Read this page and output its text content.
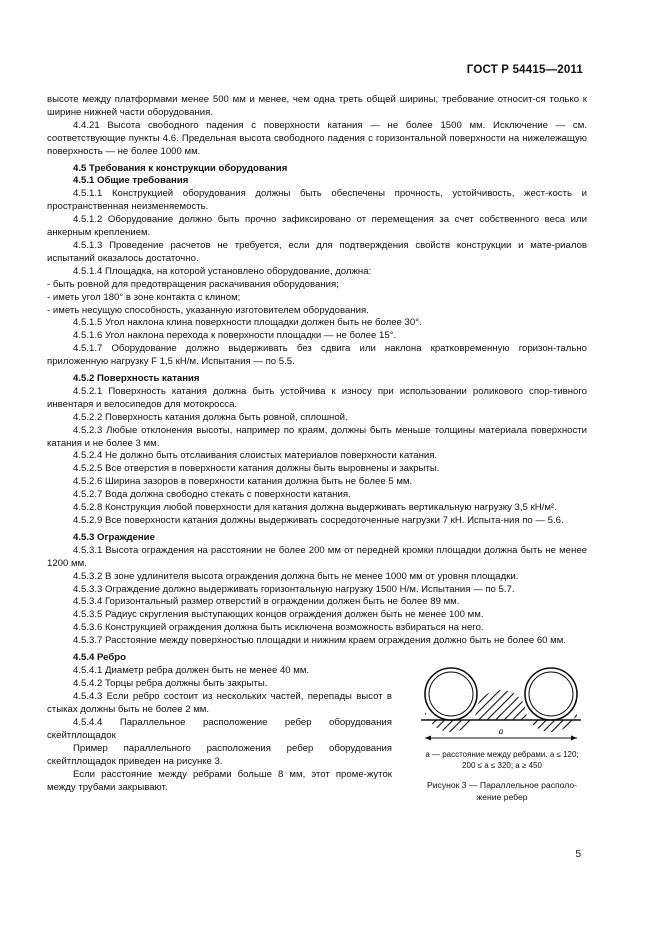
ГОСТ Р 54415—2011

высоте между платформами менее 500 мм и менее, чем одна треть общей ширины, требование относит-ся только к ширине нижней части оборудования.

4.4.21 Высота свободного падения с поверхности катания — не более 1500 мм. Исключение — см. соответствующие пункты 4.6. Предельная высота свободного падения с горизонтальной поверхности на нижележащую поверхность — не более 1000 мм.

4.5 Требования к конструкции оборудования

4.5.1 Общие требования

4.5.1.1 Конструкцией оборудования должны быть обеспечены прочность, устойчивость, жест-кость и пространственная неизменяемость.

4.5.1.2 Оборудование должно быть прочно зафиксировано от перемещения за счет собственного веса или анкерным креплением.

4.5.1.3 Проведение расчетов не требуется, если для подтверждения свойств конструкции и мате-риалов испытаний оказалось достаточно.

4.5.1.4 Площадка, на которой установлено оборудование, должна:

- быть ровной для предотвращения раскачивания оборудования;

- иметь угол 180° в зоне контакта с клином;

- иметь несущую способность, указанную изготовителем оборудования.

4.5.1.5 Угол наклона клина поверхности площадки должен быть не более 30°.

4.5.1.6 Угол наклона перехода к поверхности площадки — не более 15°.

4.5.1.7 Оборудование должно выдерживать без сдвига или наклона кратковременную горизон-тально приложенную нагрузку F 1,5 кН/м. Испытания — по 5.5.

4.5.2 Поверхность катания

4.5.2.1 Поверхность катания должна быть устойчива к износу при использовании роликового спор-тивного инвентаря и велосипедов для мотокросса.

4.5.2.2 Поверхность катания должна быть ровной, сплошной.

4.5.2.3 Любые отклонения высоты, например по краям, должны быть меньше толщины материала поверхности катания и не более 3 мм.

4.5.2.4 Не должно быть отслаивания слоистых материалов поверхности катания.

4.5.2.5 Все отверстия в поверхности катания должны быть выровнены и закрыты.

4.5.2.6 Ширина зазоров в поверхности катания должна быть не более 5 мм.

4.5.2.7 Вода должна свободно стекать с поверхности катания.

4.5.2.8 Конструкция любой поверхности для катания должна выдерживать вертикальную нагрузку 3,5 кН/м².

4.5.2.9 Все поверхности катания должны выдерживать сосредоточенные нагрузки 7 кН. Испыта-ния по — 5.6.

4.5.3 Ограждение

4.5.3.1 Высота ограждения на расстоянии не более 200 мм от передней кромки площадки должна быть не менее 1200 мм.

4.5.3.2 В зоне удлинителя высота ограждения должна быть не менее 1000 мм от уровня площадки.

4.5.3.3 Ограждение должно выдерживать горизонтальную нагрузку 1500 Н/м. Испытания — по 5.7.

4.5.3.4 Горизонтальный размер отверстий в ограждении должен быть не более 89 мм.

4.5.3.5 Радиус скругления выступающих концов ограждения должен быть не менее 100 мм.

4.5.3.6 Конструкцией ограждения должна быть исключена возможность взбираться на него.

4.5.3.7 Расстояние между поверхностью площадки и нижним краем ограждения должно быть не более 60 мм.

4.5.4 Ребро

4.5.4.1 Диаметр ребра должен быть не менее 40 мм.

4.5.4.2 Торцы ребра должны быть закрыты.

4.5.4.3 Если ребро состоит из нескольких частей, перепады высот в стыках должны быть не более 2 мм.

4.5.4.4 Параллельное расположение ребер оборудования скейтплощадок

Пример параллельного расположения ребер оборудования скейтплощадок приведен на рисунке 3.

Если расстояние между ребрами больше 8 мм, этот проме-жуток между трубами закрывают.

a
a — расстояние между ребрами. a ≤ 120;
200 ≤ a ≤ 320; a ≥ 450
Рисунок 3 — Параллельное располо-
жение ребер
5
